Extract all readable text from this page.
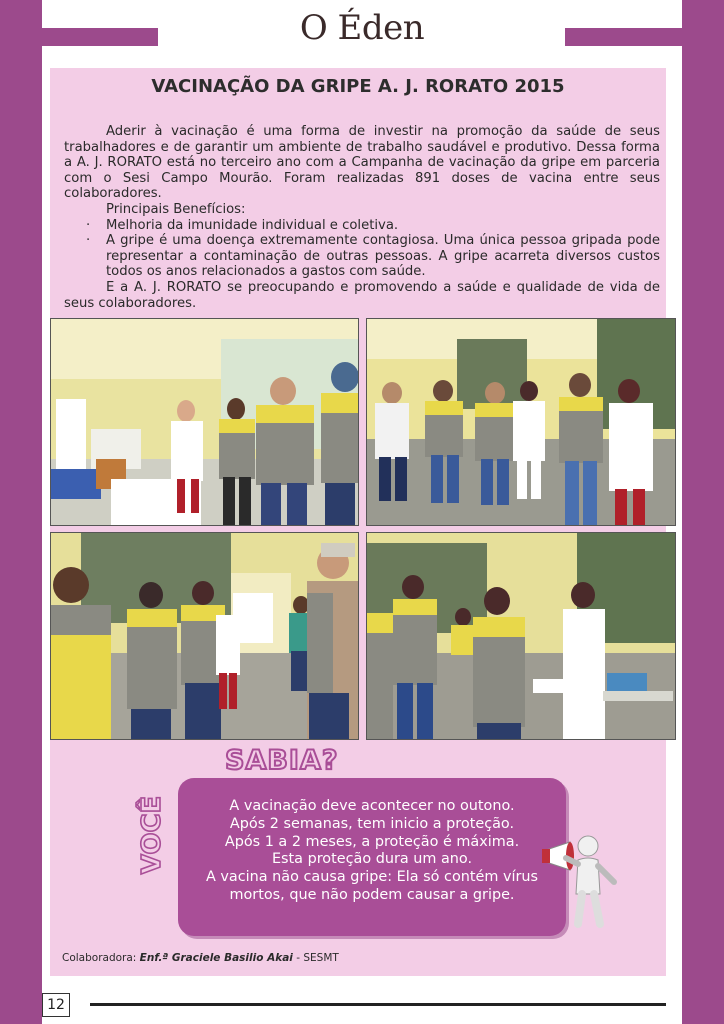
O Éden
VACINAÇÃO DA GRIPE A. J. RORATO 2015

Aderir à vacinação é uma forma de investir na promoção da saúde de seus trabalhadores e de garantir um ambiente de trabalho saudável e produtivo. Dessa forma a A. J. RORATO está no terceiro ano com a Campanha de vacinação da gripe em parceria com o Sesi Campo Mourão. Foram realizadas 891 doses de vacina entre seus colaboradores.

Principais Benefícios:

·	Melhoria da imunidade individual e coletiva.
·	A gripe é uma doença extremamente contagiosa. Uma única pessoa gripada pode representar a contaminação de outras pessoas. A gripe acarreta diversos custos todos os anos relacionados a gastos com saúde.

E a A. J. RORATO se preocupando e promovendo a saúde e qualidade de vida de seus colaboradores.

VOCÊ
SABIA?
A vacinação deve acontecer no outono.
Após 2 semanas, tem inicio a proteção.
Após 1 a 2 meses, a proteção é máxima.
Esta proteção dura um ano.
A vacina não causa gripe: Ela só contém vírus
mortos, que não podem causar a gripe.
Colaboradora: Enf.ª Graciele Basilio Akai - SESMT
12
